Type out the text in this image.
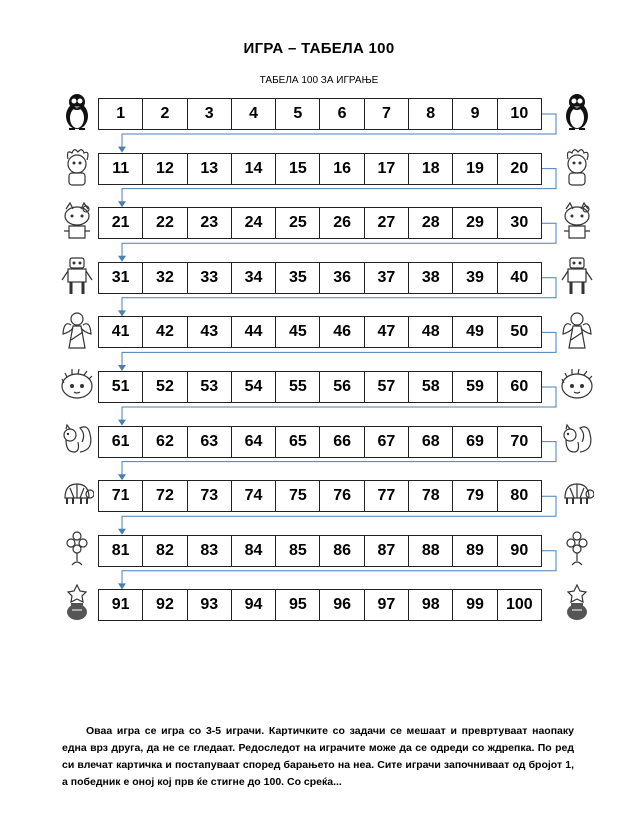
ИГРА – ТАБЕЛА 100
ТАБЕЛА 100 ЗА ИГРАЊЕ
1	2	3	4	5	6	7	8	9	10
11	12	13	14	15	16	17	18	19	20
21	22	23	24	25	26	27	28	29	30
31	32	33	34	35	36	37	38	39	40
41	42	43	44	45	46	47	48	49	50
51	52	53	54	55	56	57	58	59	60
61	62	63	64	65	66	67	68	69	70
71	72	73	74	75	76	77	78	79	80
81	82	83	84	85	86	87	88	89	90
91	92	93	94	95	96	97	98	99	100
Оваа игра се игра со 3-5 играчи. Картичките со задачи се мешаат и превртуваат наопаку една врз друга, да не се гледаат. Редоследот на играчите може да се одреди со ждрепка. По ред си влечат картичка и постапуваат според барањето на неа. Сите играчи започниваат од бројот 1, а победник е оној кој прв ќе стигне до 100. Со среќа...
